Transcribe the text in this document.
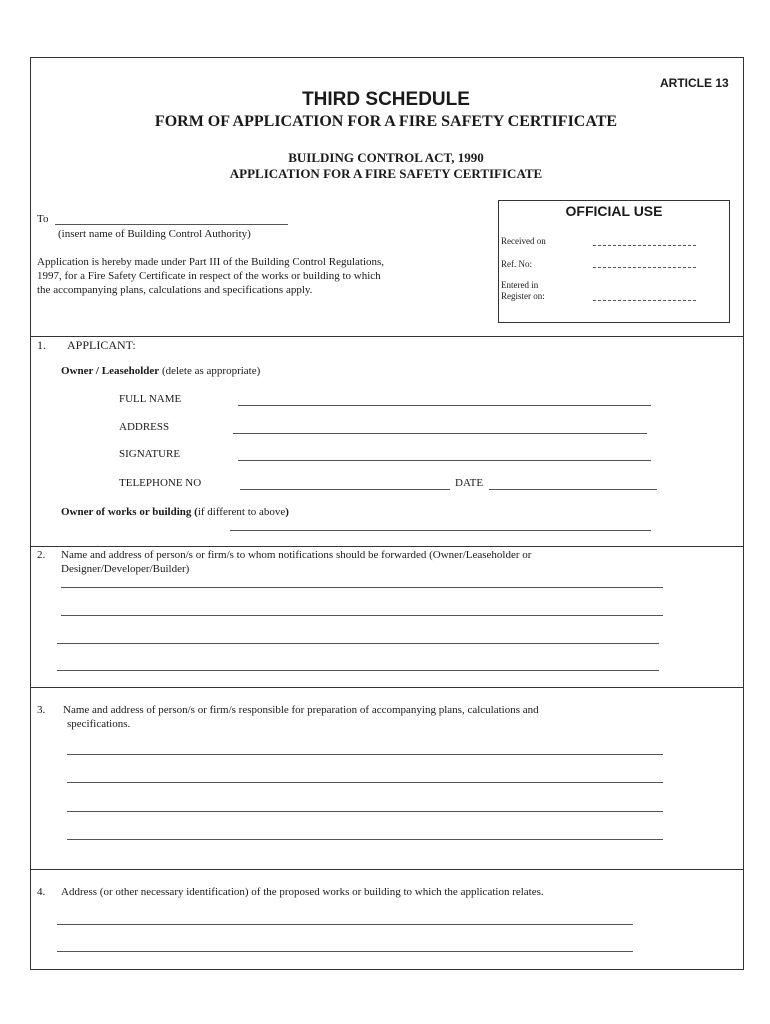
ARTICLE 13
THIRD SCHEDULE
FORM OF APPLICATION FOR A FIRE SAFETY CERTIFICATE
BUILDING CONTROL ACT, 1990
APPLICATION FOR A FIRE SAFETY CERTIFICATE
To
(insert name of Building Control Authority)
Application is hereby made under Part III of the Building Control Regulations,
1997, for a Fire Safety Certificate in respect of the works or building to which
the accompanying plans, calculations and specifications apply.
OFFICIAL USE
Received on
Ref. No:
Entered in
Register on:
1. APPLICANT:
Owner / Leaseholder (delete as appropriate)
FULL NAME
ADDRESS
SIGNATURE
TELEPHONE NO	DATE
Owner of works or building (if different to above)
2. Name and address of person/s or firm/s to whom notifications should be forwarded (Owner/Leaseholder or
Designer/Developer/Builder)
3. Name and address of person/s or firm/s responsible for preparation of accompanying plans, calculations and
specifications.
4. Address (or other necessary identification) of the proposed works or building to which the application relates.
